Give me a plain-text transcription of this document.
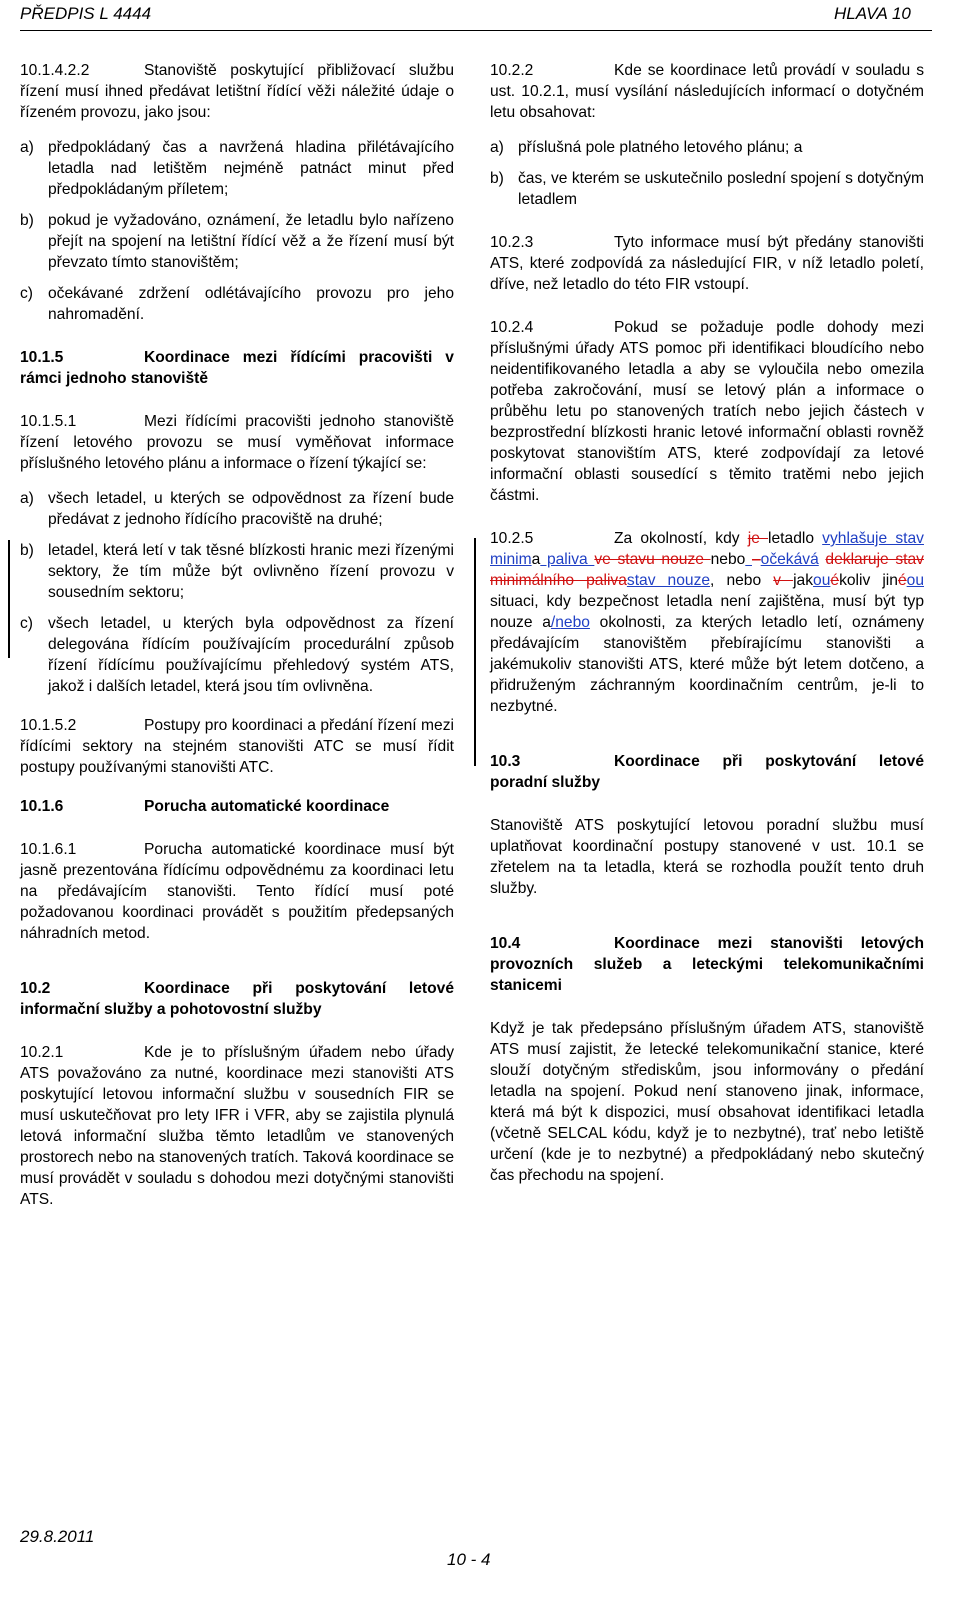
PŘEDPIS L 4444	HLAVA 10

10.1.4.2.2	Stanoviště poskytující přibližovací službu řízení musí ihned předávat letištní řídící věži náležité údaje o řízeném provozu, jako jsou:

a) předpokládaný čas a navržená hladina přilétávajícího letadla nad letištěm nejméně patnáct minut před předpokládaným příletem;
b) pokud je vyžadováno, oznámení, že letadlu bylo nařízeno přejít na spojení na letištní řídící věž a že řízení musí být převzato tímto stanovištěm;
c) očekávané zdržení odlétávajícího provozu pro jeho nahromadění.

10.1.5	Koordinace mezi řídícími pracovišti v rámci jednoho stanoviště

10.1.5.1	Mezi řídícími pracovišti jednoho stanoviště řízení letového provozu se musí vyměňovat informace příslušného letového plánu a informace o řízení týkající se:

a) všech letadel, u kterých se odpovědnost za řízení bude předávat z jednoho řídícího pracoviště na druhé;
b) letadel, která letí v tak těsné blízkosti hranic mezi řízenými sektory, že tím může být ovlivněno řízení provozu v sousedním sektoru;
c) všech letadel, u kterých byla odpovědnost za řízení delegována řídícím používajícím procedurální způsob řízení řídícímu používajícímu přehledový systém ATS, jakož i dalších letadel, která jsou tím ovlivněna.

10.1.5.2	Postupy pro koordinaci a předání řízení mezi řídícími sektory na stejném stanovišti ATC se musí řídit postupy používanými stanovišti ATC.

10.1.6	Porucha automatické koordinace

10.1.6.1	Porucha automatické koordinace musí být jasně prezentována řídícímu odpovědnému za koordinaci letu na předávajícím stanovišti. Tento řídící musí poté požadovanou koordinaci provádět s použitím předepsaných náhradních metod.

10.2	Koordinace při poskytování letové informační služby a pohotovostní služby

10.2.1	Kde je to příslušným úřadem nebo úřady ATS považováno za nutné, koordinace mezi stanovišti ATS poskytující letovou informační službu v sousedních FIR se musí uskutečňovat pro lety IFR i VFR, aby se zajistila plynulá letová informační služba těmto letadlům ve stanovených prostorech nebo na stanovených tratích. Taková koordinace se musí provádět v souladu s dohodou mezi dotyčnými stanovišti ATS.

10.2.2	Kde se koordinace letů provádí v souladu s ust. 10.2.1, musí vysílání následujících informací o dotyčném letu obsahovat:

a) příslušná pole platného letového plánu; a
b) čas, ve kterém se uskutečnilo poslední spojení s dotyčným letadlem

10.2.3	Tyto informace musí být předány stanovišti ATS, které zodpovídá za následující FIR, v níž letadlo poletí, dříve, než letadlo do této FIR vstoupí.

10.2.4	Pokud se požaduje podle dohody mezi příslušnými úřady ATS pomoc při identifikaci bloudícího nebo neidentifikovaného letadla a aby se vyloučila nebo omezila potřeba zakročování, musí se letový plán a informace o průběhu letu po stanovených tratích nebo jejich částech v bezprostřední blízkosti hranic letové informační oblasti rovněž poskytovat stanovištím ATS, které zodpovídají za letové informační oblasti sousedící s těmito tratěmi nebo jejich částmi.

10.2.5	Za okolností, kdy je letadlo vyhlašuje stav minima paliva ve stavu nouze nebo –očekává deklaruje stav minimálního palivastav nouze, nebo v jakouékoliv jinéou situaci, kdy bezpečnost letadla není zajištěna, musí být typ nouze a/nebo okolnosti, za kterých letadlo letí, oznámeny předávajícím stanovištěm přebírajícímu stanovišti a jakémukoliv stanovišti ATS, které může být letem dotčeno, a přidruženým záchranným koordinačním centrům, je-li to nezbytné.

10.3	Koordinace při poskytování letové poradní služby

Stanoviště ATS poskytující letovou poradní službu musí uplatňovat koordinační postupy stanovené v ust. 10.1 se zřetelem na ta letadla, která se rozhodla použít tento druh služby.

10.4	Koordinace mezi stanovišti letových provozních služeb a leteckými telekomunikačními stanicemi

Když je tak předepsáno příslušným úřadem ATS, stanoviště ATS musí zajistit, že letecké telekomunikační stanice, které slouží dotyčným střediskům, jsou informovány o předání letadla na spojení. Pokud není stanoveno jinak, informace, která má být k dispozici, musí obsahovat identifikaci letadla (včetně SELCAL kódu, když je to nezbytné), trať nebo letiště určení (kde je to nezbytné) a předpokládaný nebo skutečný čas přechodu na spojení.

29.8.2011
10 - 4
